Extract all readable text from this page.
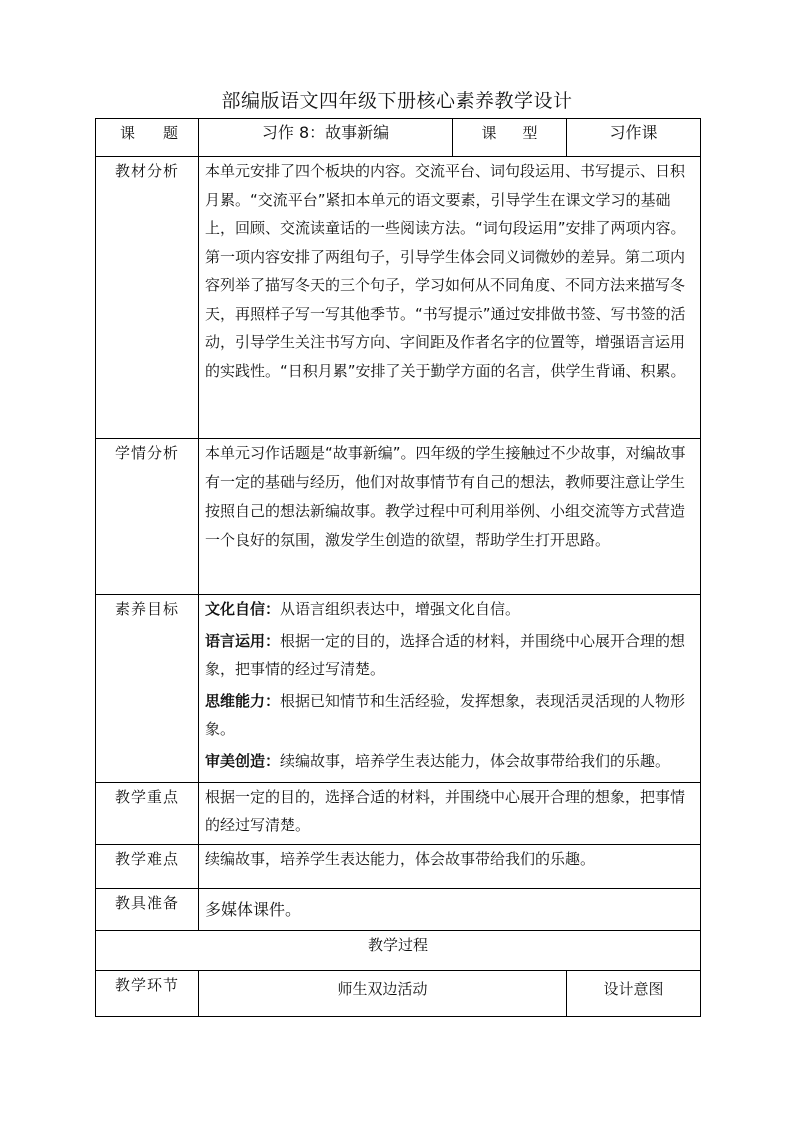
部编版语文四年级下册核心素养教学设计
课 题	习作 8：故事新编	课 型	习作课
教材分析	本单元安排了四个板块的内容。交流平台、词句段运用、书写提示、日积月累。“交流平台”紧扣本单元的语文要素，引导学生在课文学习的基础上，回顾、交流读童话的一些阅读方法。“词句段运用”安排了两项内容。第一项内容安排了两组句子，引导学生体会同义词微妙的差异。第二项内容列举了描写冬天的三个句子，学习如何从不同角度、不同方法来描写冬天，再照样子写一写其他季节。“书写提示”通过安排做书签、写书签的活动，引导学生关注书写方向、字间距及作者名字的位置等，增强语言运用的实践性。“日积月累”安排了关于勤学方面的名言，供学生背诵、积累。		
学情分析	本单元习作话题是“故事新编”。四年级的学生接触过不少故事，对编故事有一定的基础与经历，他们对故事情节有自己的想法，教师要注意让学生按照自己的想法新编故事。教学过程中可利用举例、小组交流等方式营造一个良好的氛围，激发学生创造的欲望，帮助学生打开思路。		
素养目标	文化自信：从语言组织表达中，增强文化自信。

语言运用：根据一定的目的，选择合适的材料，并围绕中心展开合理的想象，把事情的经过写清楚。

思维能力：根据已知情节和生活经验，发挥想象，表现活灵活现的人物形象。

审美创造：续编故事，培养学生表达能力，体会故事带给我们的乐趣。		

教学重点	根据一定的目的，选择合适的材料，并围绕中心展开合理的想象，把事情的经过写清楚。		
教学难点	续编故事，培养学生表达能力，体会故事带给我们的乐趣。		
教具准备	多媒体课件。		
教学过程			
教学环节	师生双边活动		设计意图
